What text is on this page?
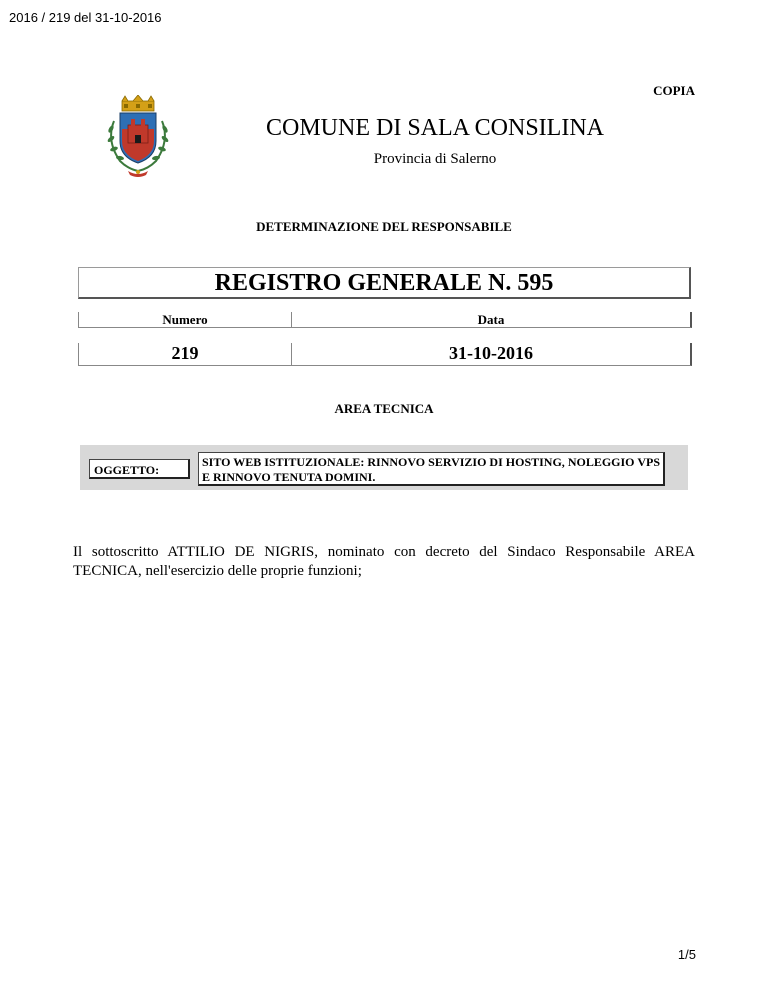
2016 / 219 del 31-10-2016
COPIA
COMUNE DI SALA CONSILINA
Provincia di Salerno
DETERMINAZIONE DEL RESPONSABILE
REGISTRO GENERALE N. 595
Numero	Data
219	31-10-2016
AREA TECNICA
OGGETTO:
SITO WEB ISTITUZIONALE: RINNOVO SERVIZIO DI HOSTING, NOLEGGIO VPS E RINNOVO TENUTA DOMINI.
Il sottoscritto ATTILIO DE NIGRIS, nominato con decreto del Sindaco Responsabile AREA TECNICA, nell'esercizio delle proprie funzioni;
1/5
